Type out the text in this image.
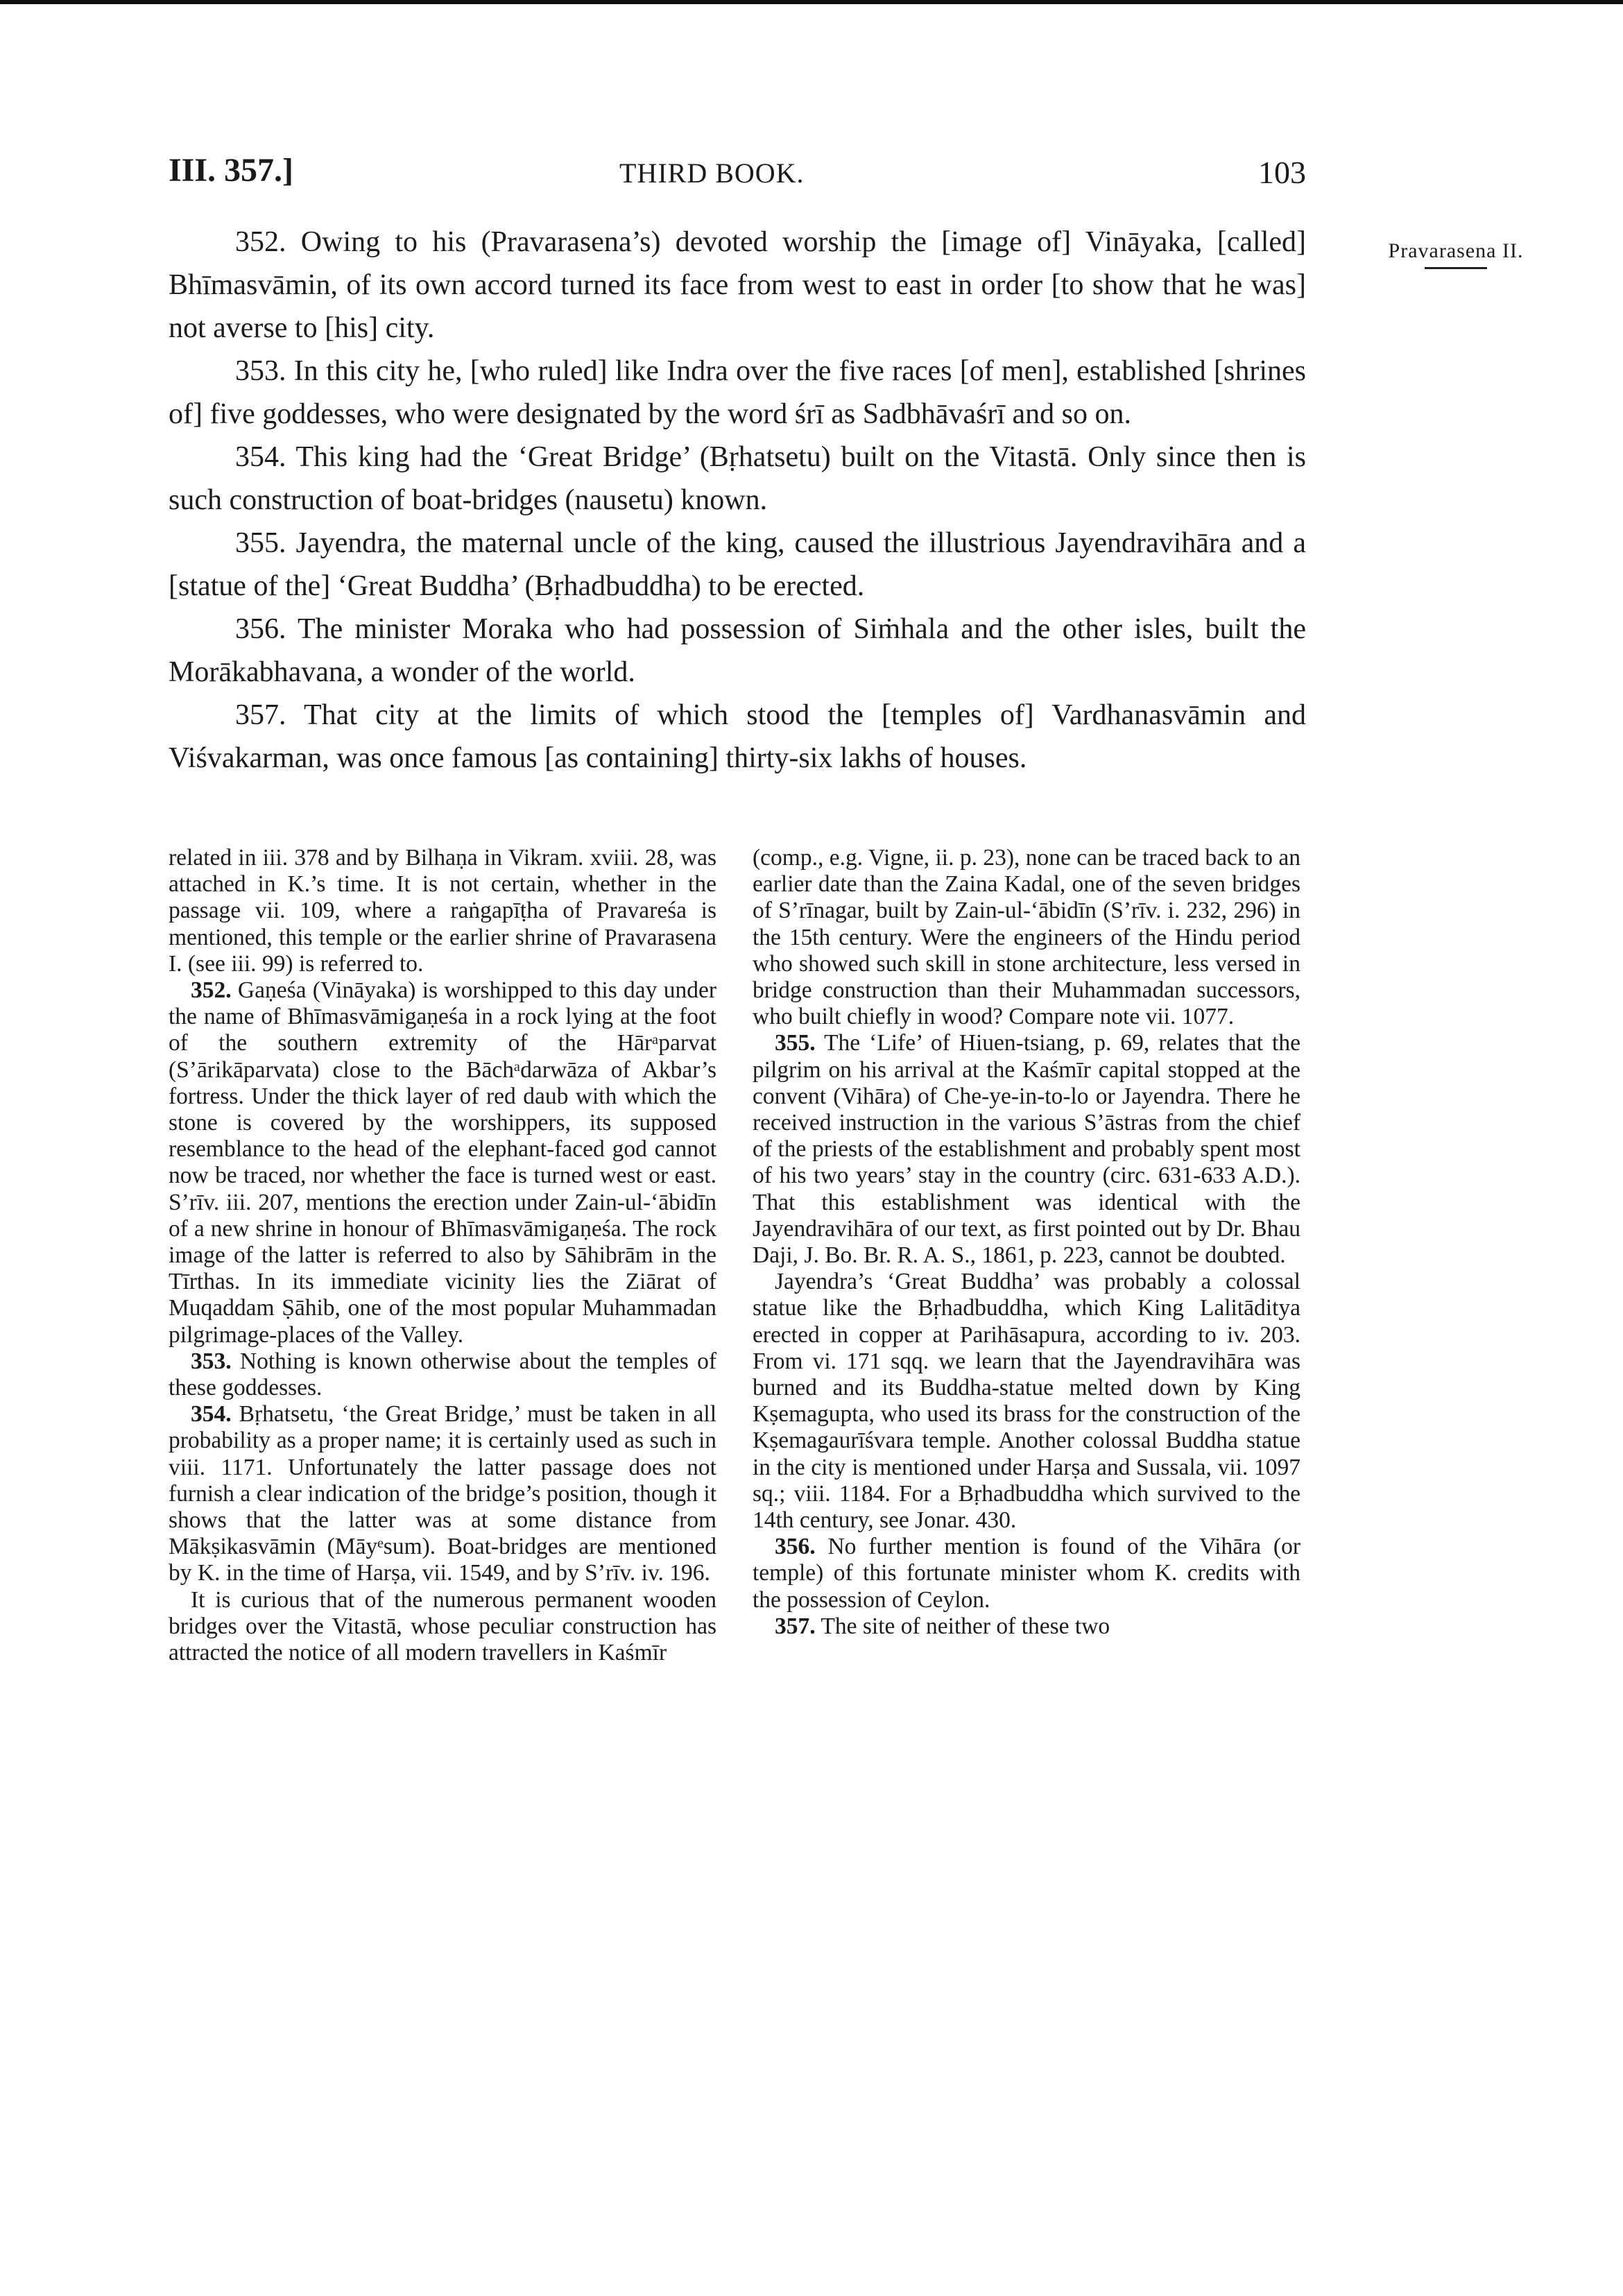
III. 357.]	THIRD BOOK.	103
Pravarasena II.

352. Owing to his (Pravarasena’s) devoted worship the [image of] Vināyaka, [called] Bhīmasvāmin, of its own accord turned its face from west to east in order [to show that he was] not averse to [his] city.

353. In this city he, [who ruled] like Indra over the five races [of men], established [shrines of] five goddesses, who were designated by the word śrī as Sadbhāvaśrī and so on.

354. This king had the ‘Great Bridge’ (Bṛhatsetu) built on the Vitastā. Only since then is such construction of boat-bridges (nausetu) known.

355. Jayendra, the maternal uncle of the king, caused the illustrious Jayendravihāra and a [statue of the] ‘Great Buddha’ (Bṛhadbuddha) to be erected.

356. The minister Moraka who had possession of Siṁhala and the other isles, built the Morākabhavana, a wonder of the world.

357. That city at the limits of which stood the [temples of] Vardhanasvāmin and Viśvakarman, was once famous [as containing] thirty-six lakhs of houses.

related in iii. 378 and by Bilhaṇa in Vikram. xviii. 28, was attached in K.’s time. It is not certain, whether in the passage vii. 109, where a raṅgapīṭha of Pravareśa is mentioned, this temple or the earlier shrine of Pravarasena I. (see iii. 99) is referred to.

352. Gaṇeśa (Vināyaka) is worshipped to this day under the name of Bhīmasvāmigaṇeśa in a rock lying at the foot of the southern extremity of the Hārᵃparvat (S’ārikāparvata) close to the Bāchᵃdarwāza of Akbar’s fortress. Under the thick layer of red daub with which the stone is covered by the worshippers, its supposed resemblance to the head of the elephant-faced god cannot now be traced, nor whether the face is turned west or east. S’rīv. iii. 207, mentions the erection under Zain-ul-‘ābidīn of a new shrine in honour of Bhīmasvāmigaṇeśa. The rock image of the latter is referred to also by Sāhibrām in the Tīrthas. In its immediate vicinity lies the Ziārat of Muqaddam Ṣāhib, one of the most popular Muhammadan pilgrimage-places of the Valley.

353. Nothing is known otherwise about the temples of these goddesses.

354. Bṛhatsetu, ‘the Great Bridge,’ must be taken in all probability as a proper name; it is certainly used as such in viii. 1171. Unfortunately the latter passage does not furnish a clear indication of the bridge’s position, though it shows that the latter was at some distance from Mākṣikasvāmin (Māyᵉsum). Boat-bridges are mentioned by K. in the time of Harṣa, vii. 1549, and by S’rīv. iv. 196.

It is curious that of the numerous permanent wooden bridges over the Vitastā, whose peculiar construction has attracted the notice of all modern travellers in Kaśmīr

(comp., e.g. Vigne, ii. p. 23), none can be traced back to an earlier date than the Zaina Kadal, one of the seven bridges of S’rīnagar, built by Zain-ul-‘ābidīn (S’rīv. i. 232, 296) in the 15th century. Were the engineers of the Hindu period who showed such skill in stone architecture, less versed in bridge construction than their Muhammadan successors, who built chiefly in wood? Compare note vii. 1077.

355. The ‘Life’ of Hiuen-tsiang, p. 69, relates that the pilgrim on his arrival at the Kaśmīr capital stopped at the convent (Vihāra) of Che-ye-in-to-lo or Jayendra. There he received instruction in the various S’āstras from the chief of the priests of the establishment and probably spent most of his two years’ stay in the country (circ. 631-633 A.D.). That this establishment was identical with the Jayendravihāra of our text, as first pointed out by Dr. Bhau Daji, J. Bo. Br. R. A. S., 1861, p. 223, cannot be doubted.

Jayendra’s ‘Great Buddha’ was probably a colossal statue like the Bṛhadbuddha, which King Lalitāditya erected in copper at Parihāsapura, according to iv. 203. From vi. 171 sqq. we learn that the Jayendravihāra was burned and its Buddha-statue melted down by King Kṣemagupta, who used its brass for the construction of the Kṣemagaurīśvara temple. Another colossal Buddha statue in the city is mentioned under Harṣa and Sussala, vii. 1097 sq.; viii. 1184. For a Bṛhadbuddha which survived to the 14th century, see Jonar. 430.

356. No further mention is found of the Vihāra (or temple) of this fortunate minister whom K. credits with the possession of Ceylon.

357. The site of neither of these two
